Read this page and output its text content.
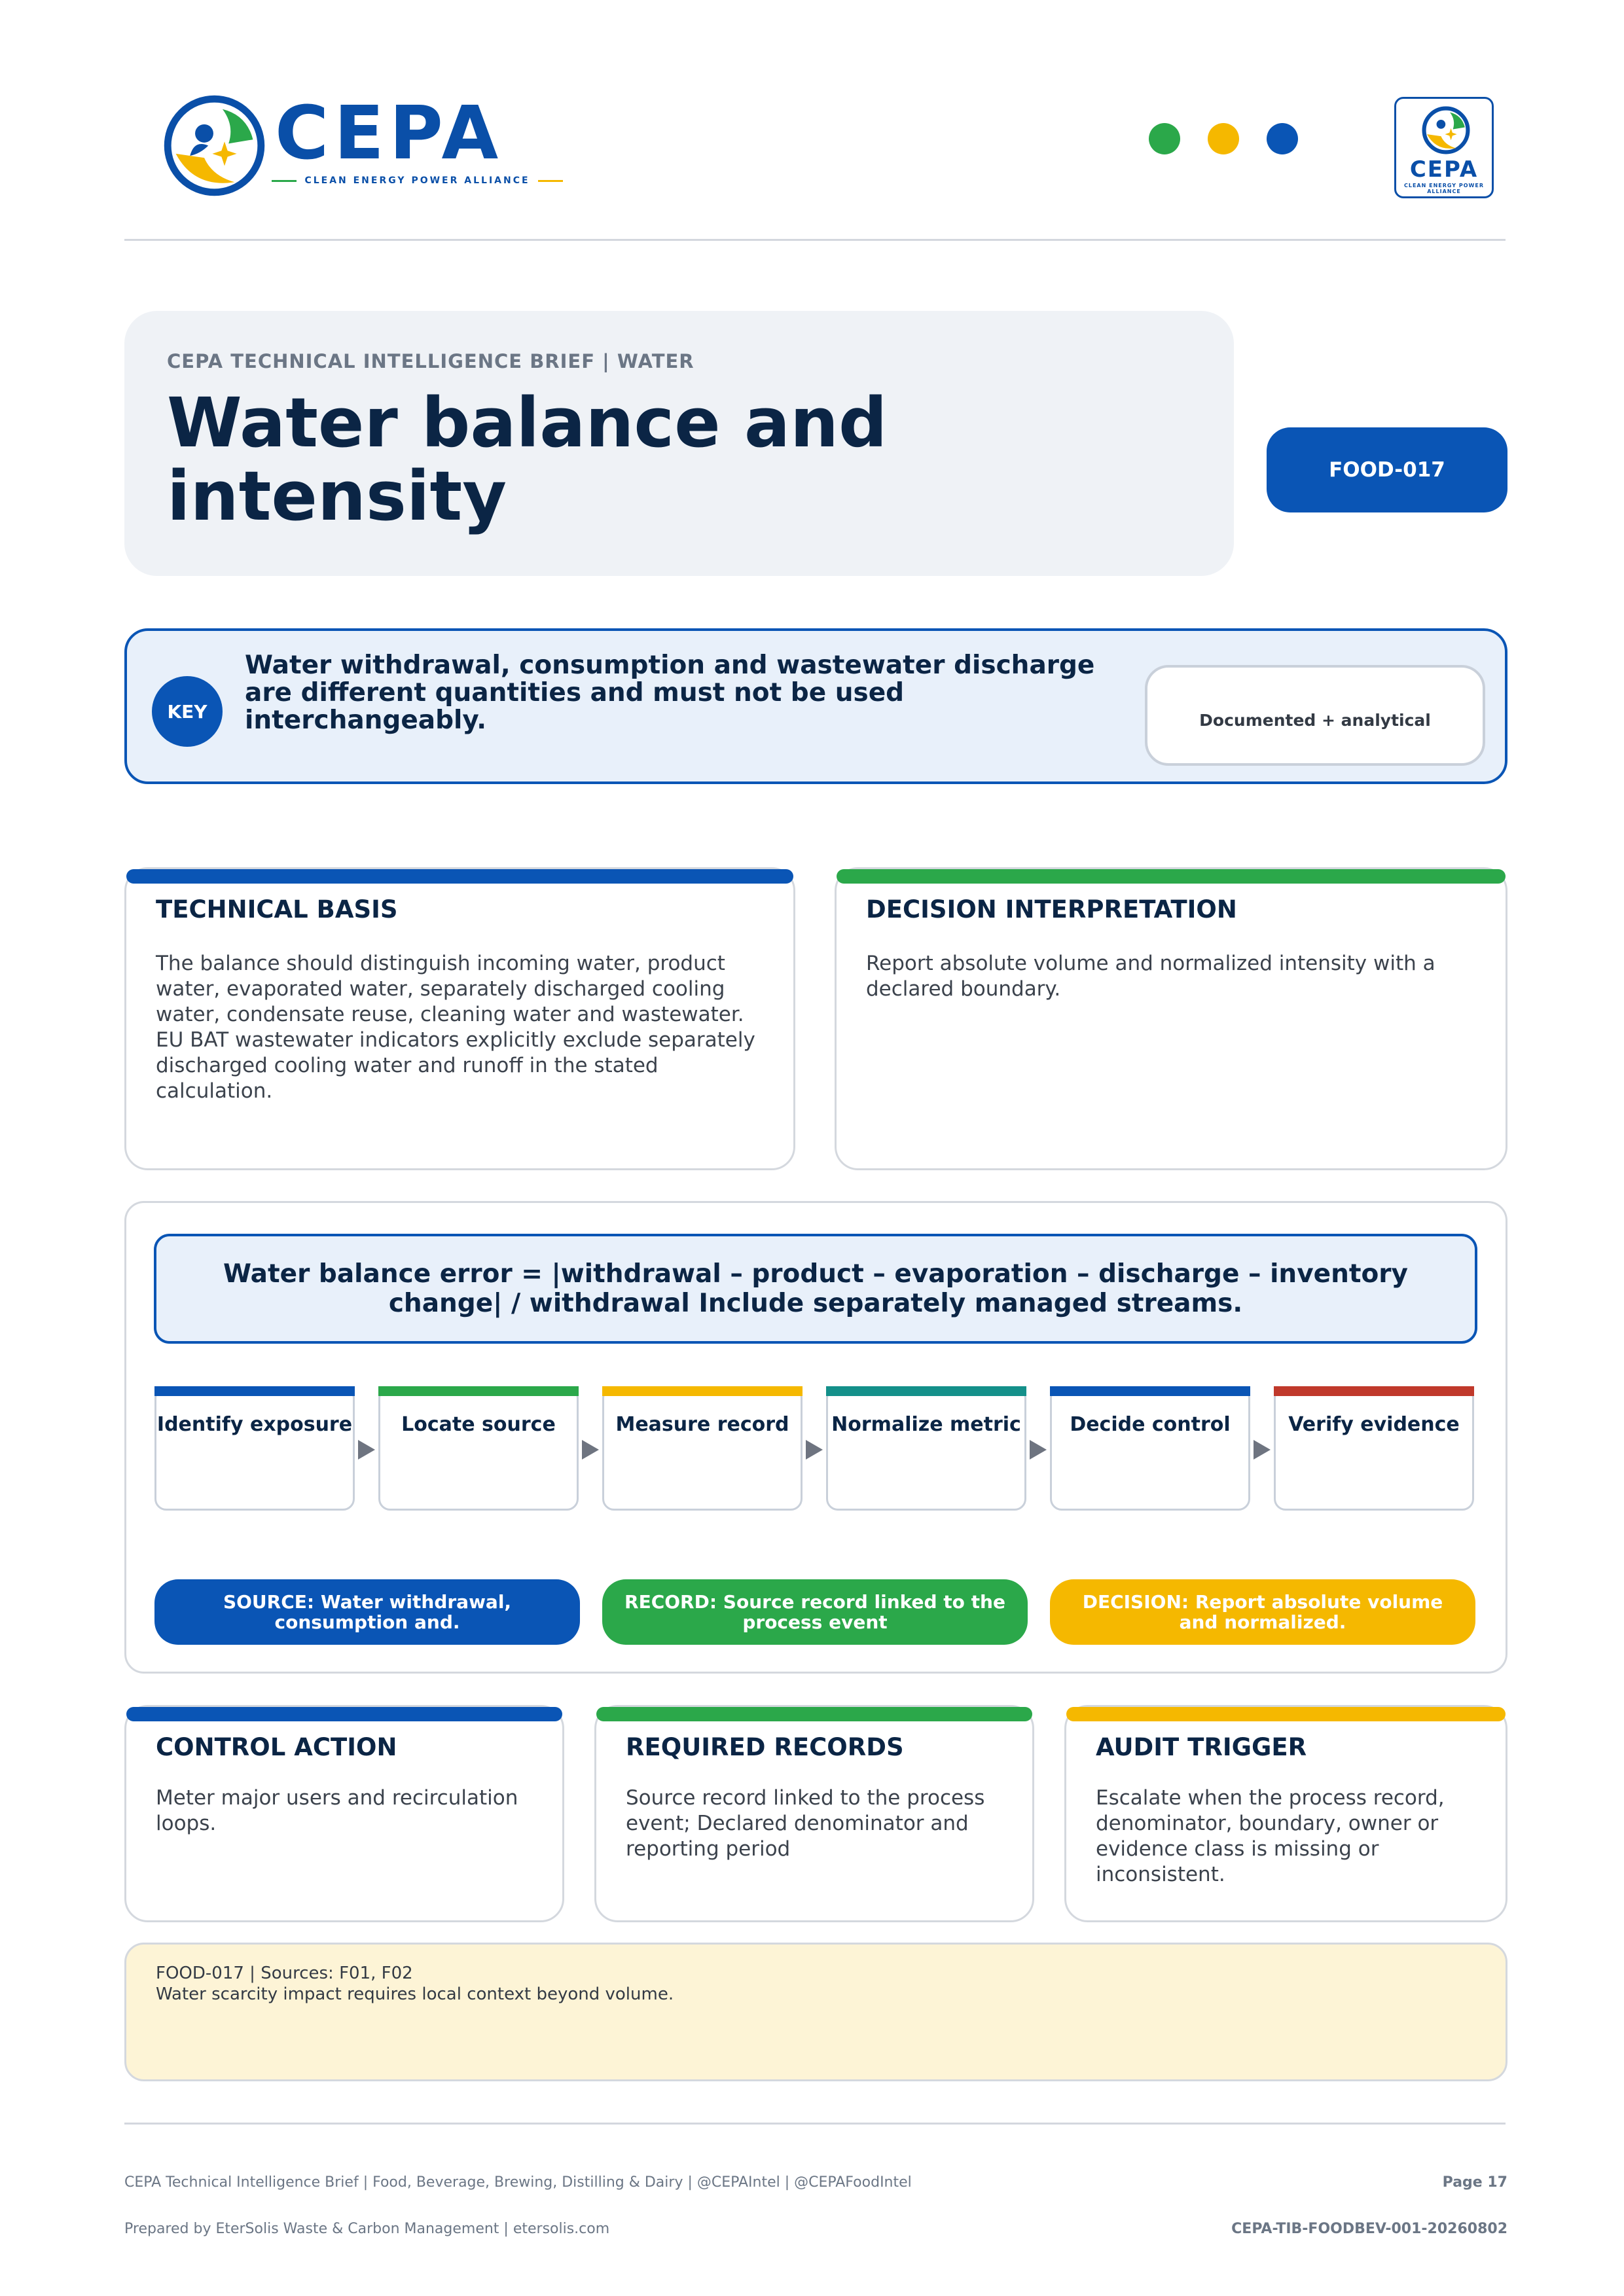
CEPA
CLEAN ENERGY POWER ALLIANCE	CEPA
CLEAN ENERGY POWER ALLIANCE
CEPA TECHNICAL INTELLIGENCE BRIEF | WATER
Water balance and intensity	FOOD-017
KEY
Water withdrawal, consumption and wastewater discharge are different quantities and must not be used interchangeably.	Documented + analytical
TECHNICAL BASIS
The balance should distinguish incoming water, product water, evaporated water, separately discharged cooling water, condensate reuse, cleaning water and wastewater. EU BAT wastewater indicators explicitly exclude separately discharged cooling water and runoff in the stated calculation.
DECISION INTERPRETATION
Report absolute volume and normalized intensity with a declared boundary.
Water balance error = |withdrawal – product – evaporation – discharge – inventory change| / withdrawal Include separately managed streams.
Identify exposure	Locate source	Measure record	Normalize metric	Decide control	Verify evidence
SOURCE: Water withdrawal, consumption and.
RECORD: Source record linked to the process event
DECISION: Report absolute volume and normalized.
CONTROL ACTION
Meter major users and recirculation loops.
REQUIRED RECORDS
Source record linked to the process event; Declared denominator and reporting period
AUDIT TRIGGER
Escalate when the process record, denominator, boundary, owner or evidence class is missing or inconsistent.
FOOD-017 | Sources: F01, F02
Water scarcity impact requires local context beyond volume.
CEPA Technical Intelligence Brief | Food, Beverage, Brewing, Distilling & Dairy | @CEPAIntel | @CEPAFoodIntel
Prepared by EterSolis Waste & Carbon Management | etersolis.com
Page 17
CEPA-TIB-FOODBEV-001-20260802
